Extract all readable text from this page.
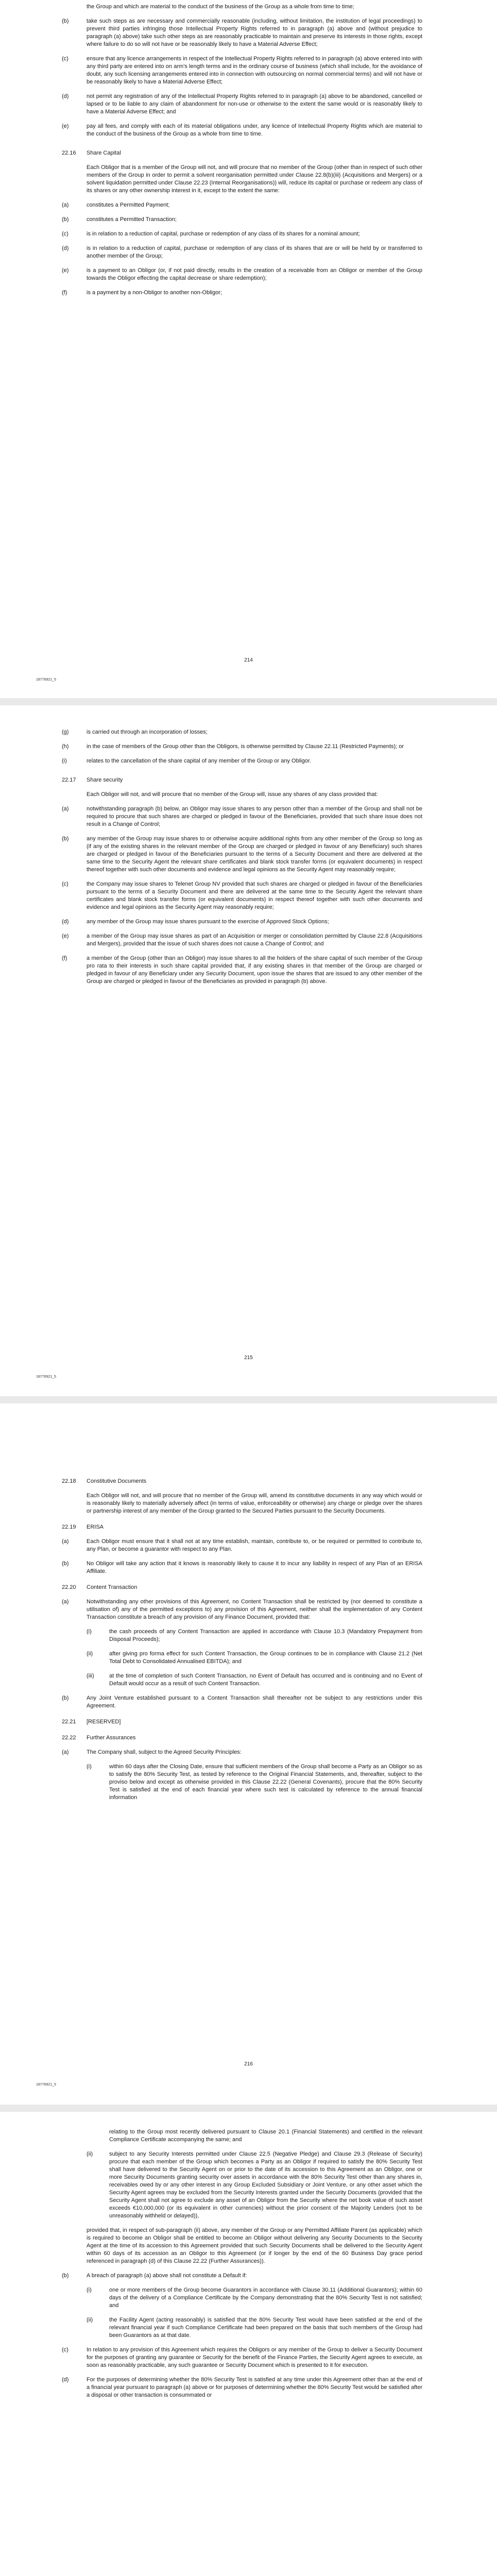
the Group and which are material to the conduct of the business of the Group as a whole from time to time;

(b)	take such steps as are necessary and commercially reasonable (including, without limitation, the institution of legal proceedings) to prevent third parties infringing those Intellectual Property Rights referred to in paragraph (a) above and (without prejudice to paragraph (a) above) take such other steps as are reasonably practicable to maintain and preserve its interests in those rights, except where failure to do so will not have or be reasonably likely to have a Material Adverse Effect;
(c)	ensure that any licence arrangements in respect of the Intellectual Property Rights referred to in paragraph (a) above entered into with any third party are entered into on arm's length terms and in the ordinary course of business (which shall include, for the avoidance of doubt, any such licensing arrangements entered into in connection with outsourcing on normal commercial terms) and will not have or be reasonably likely to have a Material Adverse Effect;
(d)	not permit any registration of any of the Intellectual Property Rights referred to in paragraph (a) above to be abandoned, cancelled or lapsed or to be liable to any claim of abandonment for non-use or otherwise to the extent the same would or is reasonably likely to have a Material Adverse Effect; and
(e)	pay all fees, and comply with each of its material obligations under, any licence of Intellectual Property Rights which are material to the conduct of the business of the Group as a whole from time to time.
22.16	Share Capital

Each Obligor that is a member of the Group will not, and will procure that no member of the Group (other than in respect of such other members of the Group in order to permit a solvent reorganisation permitted under Clause 22.8(b)(iii) (Acquisitions and Mergers) or a solvent liquidation permitted under Clause 22.23 (Internal Reorganisations)) will, reduce its capital or purchase or redeem any class of its shares or any other ownership interest in it, except to the extent the same:

(a)	constitutes a Permitted Payment;
(b)	constitutes a Permitted Transaction;
(c)	is in relation to a reduction of capital, purchase or redemption of any class of its shares for a nominal amount;
(d)	is in relation to a reduction of capital, purchase or redemption of any class of its shares that are or will be held by or transferred to another member of the Group;
(e)	is a payment to an Obligor (or, if not paid directly, results in the creation of a receivable from an Obligor or member of the Group towards the Obligor effecting the capital decrease or share redemption);
(f)	is a payment by a non-Obligor to another non-Obligor;
214
18776921_5
(g)	is carried out through an incorporation of losses;
(h)	in the case of members of the Group other than the Obligors, is otherwise permitted by Clause 22.11 (Restricted Payments); or
(i)	relates to the cancellation of the share capital of any member of the Group or any Obligor.
22.17	Share security

Each Obligor will not, and will procure that no member of the Group will, issue any shares of any class provided that:

(a)	notwithstanding paragraph (b) below, an Obligor may issue shares to any person other than a member of the Group and shall not be required to procure that such shares are charged or pledged in favour of the Beneficiaries, provided that such share issue does not result in a Change of Control;
(b)	any member of the Group may issue shares to or otherwise acquire additional rights from any other member of the Group so long as (if any of the existing shares in the relevant member of the Group are charged or pledged in favour of any Beneficiary) such shares are charged or pledged in favour of the Beneficiaries pursuant to the terms of a Security Document and there are delivered at the same time to the Security Agent the relevant share certificates and blank stock transfer forms (or equivalent documents) in respect thereof together with such other documents and evidence and legal opinions as the Security Agent may reasonably require;
(c)	the Company may issue shares to Telenet Group NV provided that such shares are charged or pledged in favour of the Beneficiaries pursuant to the terms of a Security Document and there are delivered at the same time to the Security Agent the relevant share certificates and blank stock transfer forms (or equivalent documents) in respect thereof together with such other documents and evidence and legal opinions as the Security Agent may reasonably require;
(d)	any member of the Group may issue shares pursuant to the exercise of Approved Stock Options;
(e)	a member of the Group may issue shares as part of an Acquisition or merger or consolidation permitted by Clause 22.8 (Acquisitions and Mergers), provided that the issue of such shares does not cause a Change of Control; and
(f)	a member of the Group (other than an Obligor) may issue shares to all the holders of the share capital of such member of the Group pro rata to their interests in such share capital provided that, if any existing shares in that member of the Group are charged or pledged in favour of any Beneficiary under any Security Document, upon issue the shares that are issued to any other member of the Group are charged or pledged in favour of the Beneficiaries as provided in paragraph (b) above.
215
18776921_5
22.18	Constitutive Documents

Each Obligor will not, and will procure that no member of the Group will, amend its constitutive documents in any way which would or is reasonably likely to materially adversely affect (in terms of value, enforceability or otherwise) any charge or pledge over the shares or partnership interest of any member of the Group granted to the Secured Parties pursuant to the Security Documents.

22.19	ERISA
(a)	Each Obligor must ensure that it shall not at any time establish, maintain, contribute to, or be required or permitted to contribute to, any Plan, or become a guarantor with respect to any Plan.
(b)	No Obligor will take any action that it knows is reasonably likely to cause it to incur any liability in respect of any Plan of an ERISA Affiliate.
22.20	Content Transaction
(a)	Notwithstanding any other provisions of this Agreement, no Content Transaction shall be restricted by (nor deemed to constitute a utilisation of) any of the permitted exceptions to) any provision of this Agreement, neither shall the implementation of any Content Transaction constitute a breach of any provision of any Finance Document, provided that:
(i)	the cash proceeds of any Content Transaction are applied in accordance with Clause 10.3 (Mandatory Prepayment from Disposal Proceeds);
(ii)	after giving pro forma effect for such Content Transaction, the Group continues to be in compliance with Clause 21.2 (Net Total Debt to Consolidated Annualised EBITDA); and
(iii)	at the time of completion of such Content Transaction, no Event of Default has occurred and is continuing and no Event of Default would occur as a result of such Content Transaction.
(b)	Any Joint Venture established pursuant to a Content Transaction shall thereafter not be subject to any restrictions under this Agreement.
22.21	[RESERVED]
22.22	Further Assurances
(a)	The Company shall, subject to the Agreed Security Principles:
(i)	within 60 days after the Closing Date, ensure that sufficient members of the Group shall become a Party as an Obligor so as to satisfy the 80% Security Test, as tested by reference to the Original Financial Statements, and, thereafter, subject to the proviso below and except as otherwise provided in this Clause 22.22 (General Covenants), procure that the 80% Security Test is satisfied at the end of each financial year where such test is calculated by reference to the annual financial information
216
18776921_5

relating to the Group most recently delivered pursuant to Clause 20.1 (Financial Statements) and certified in the relevant Compliance Certificate accompanying the same; and

(ii)	subject to any Security Interests permitted under Clause 22.5 (Negative Pledge) and Clause 29.3 (Release of Security) procure that each member of the Group which becomes a Party as an Obligor if required to satisfy the 80% Security Test shall have delivered to the Security Agent on or prior to the date of its accession to this Agreement as an Obligor, one or more Security Documents granting security over assets in accordance with the 80% Security Test other than any shares in, receivables owed by or any other interest in any Group Excluded Subsidiary or Joint Venture, or any other asset which the Security Agent agrees may be excluded from the Security Interests granted under the Security Documents (provided that the Security Agent shall not agree to exclude any asset of an Obligor from the Security where the net book value of such asset exceeds €10,000,000 (or its equivalent in other currencies) without the prior consent of the Majority Lenders (not to be unreasonably withheld or delayed)),

provided that, in respect of sub-paragraph (ii) above, any member of the Group or any Permitted Affiliate Parent (as applicable) which is required to become an Obligor shall be entitled to become an Obligor without delivering any Security Documents to the Security Agent at the time of its accession to this Agreement provided that such Security Documents shall be delivered to the Security Agent within 60 days of its accession as an Obligor to this Agreement (or if longer by the end of the 60 Business Day grace period referenced in paragraph (d) of this Clause 22.22 (Further Assurances)).

(b)	A breach of paragraph (a) above shall not constitute a Default if:
(i)	one or more members of the Group become Guarantors in accordance with Clause 30.11 (Additional Guarantors); within 60 days of the delivery of a Compliance Certificate by the Company demonstrating that the 80% Security Test is not satisfied; and
(ii)	the Facility Agent (acting reasonably) is satisfied that the 80% Security Test would have been satisfied at the end of the relevant financial year if such Compliance Certificate had been prepared on the basis that such members of the Group had been Guarantors as at that date.
(c)	In relation to any provision of this Agreement which requires the Obligors or any member of the Group to deliver a Security Document for the purposes of granting any guarantee or Security for the benefit of the Finance Parties, the Security Agent agrees to execute, as soon as reasonably practicable, any such guarantee or Security Document which is presented to it for execution.
(d)	For the purposes of determining whether the 80% Security Test is satisfied at any time under this Agreement other than at the end of a financial year pursuant to paragraph (a) above or for purposes of determining whether the 80% Security Test would be satisfied after a disposal or other transaction is consummated or
